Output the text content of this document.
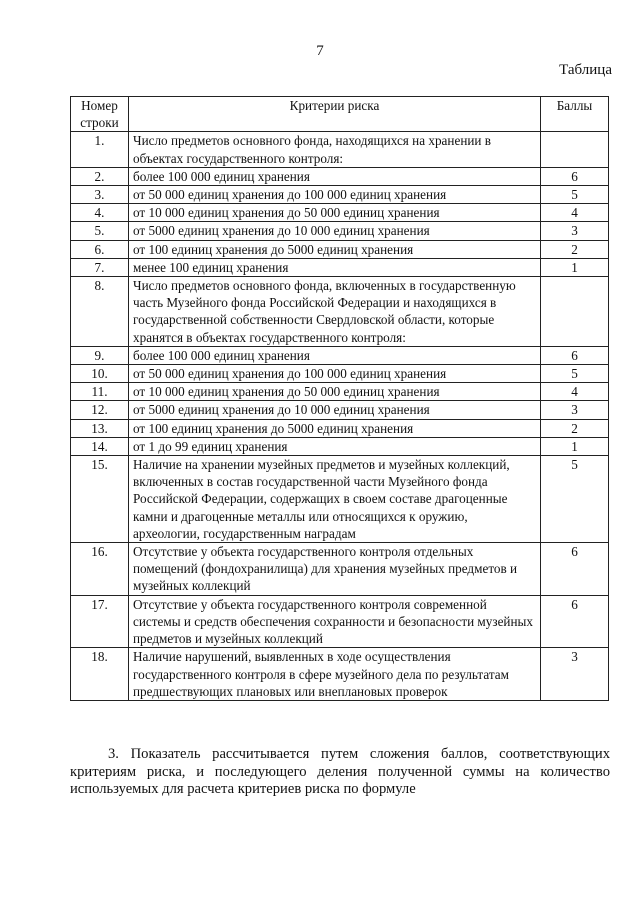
7
Таблица
Номер строки	Критерии риска	Баллы
1.	Число предметов основного фонда, находящихся на хранении в объектах государственного контроля:	
2.	более 100 000 единиц хранения	6
3.	от 50 000 единиц хранения до 100 000 единиц хранения	5
4.	от 10 000 единиц хранения до 50 000 единиц хранения	4
5.	от 5000 единиц хранения до 10 000 единиц хранения	3
6.	от 100 единиц хранения до 5000 единиц хранения	2
7.	менее 100 единиц хранения	1
8.	Число предметов основного фонда, включенных в государственную часть Музейного фонда Российской Федерации и находящихся в государственной собственности Свердловской области, которые хранятся в объектах государственного контроля:	
9.	более 100 000 единиц хранения	6
10.	от 50 000 единиц хранения до 100 000 единиц хранения	5
11.	от 10 000 единиц хранения до 50 000 единиц хранения	4
12.	от 5000 единиц хранения до 10 000 единиц хранения	3
13.	от 100 единиц хранения до 5000 единиц хранения	2
14.	от 1 до 99 единиц хранения	1
15.	Наличие на хранении музейных предметов и музейных коллекций, включенных в состав государственной части Музейного фонда Российской Федерации, содержащих в своем составе драгоценные камни и драгоценные металлы или относящихся к оружию, археологии, государственным наградам	5
16.	Отсутствие у объекта государственного контроля отдельных помещений (фондохранилища) для хранения музейных предметов и музейных коллекций	6
17.	Отсутствие у объекта государственного контроля современной системы и средств обеспечения сохранности и безопасности музейных предметов и музейных коллекций	6
18.	Наличие нарушений, выявленных в ходе осуществления государственного контроля в сфере музейного дела по результатам предшествующих плановых или внеплановых проверок	3
3. Показатель рассчитывается путем сложения баллов, соответствующих критериям риска, и последующего деления полученной суммы на количество используемых для расчета критериев риска по формуле
